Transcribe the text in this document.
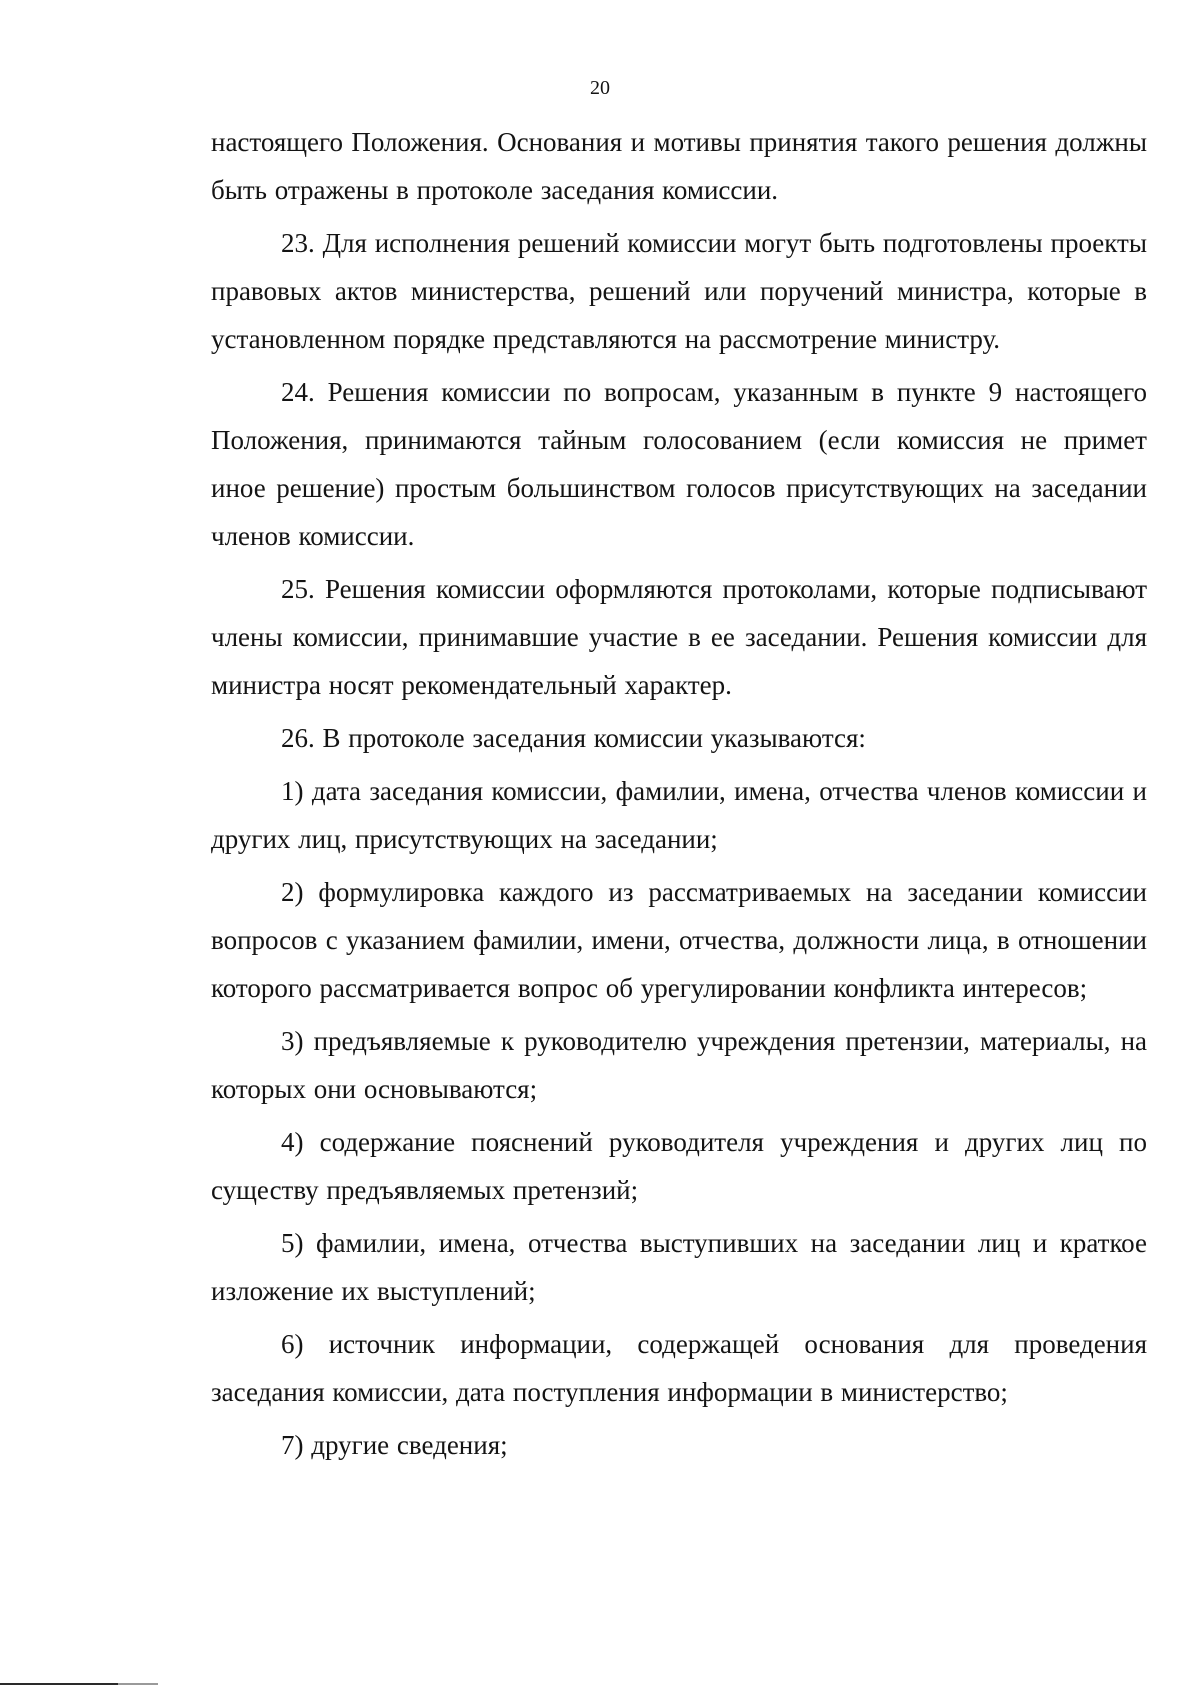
20

настоящего Положения. Основания и мотивы принятия такого решения должны быть отражены в протоколе заседания комиссии.

23. Для исполнения решений комиссии могут быть подготовлены проекты правовых актов министерства, решений или поручений министра, которые в установленном порядке представляются на рассмотрение министру.

24. Решения комиссии по вопросам, указанным в пункте 9 настоящего Положения, принимаются тайным голосованием (если комиссия не примет иное решение) простым большинством голосов присутствующих на заседании членов комиссии.

25. Решения комиссии оформляются протоколами, которые подписывают члены комиссии, принимавшие участие в ее заседании. Решения комиссии для министра носят рекомендательный характер.

26. В протоколе заседания комиссии указываются:

1) дата заседания комиссии, фамилии, имена, отчества членов комиссии и других лиц, присутствующих на заседании;

2) формулировка каждого из рассматриваемых на заседании комиссии вопросов с указанием фамилии, имени, отчества, должности лица, в отношении которого рассматривается вопрос об урегулировании конфликта интересов;

3) предъявляемые к руководителю учреждения претензии, материалы, на которых они основываются;

4) содержание пояснений руководителя учреждения и других лиц по существу предъявляемых претензий;

5) фамилии, имена, отчества выступивших на заседании лиц и краткое изложение их выступлений;

6) источник информации, содержащей основания для проведения заседания комиссии, дата поступления информации в министерство;

7) другие сведения;
